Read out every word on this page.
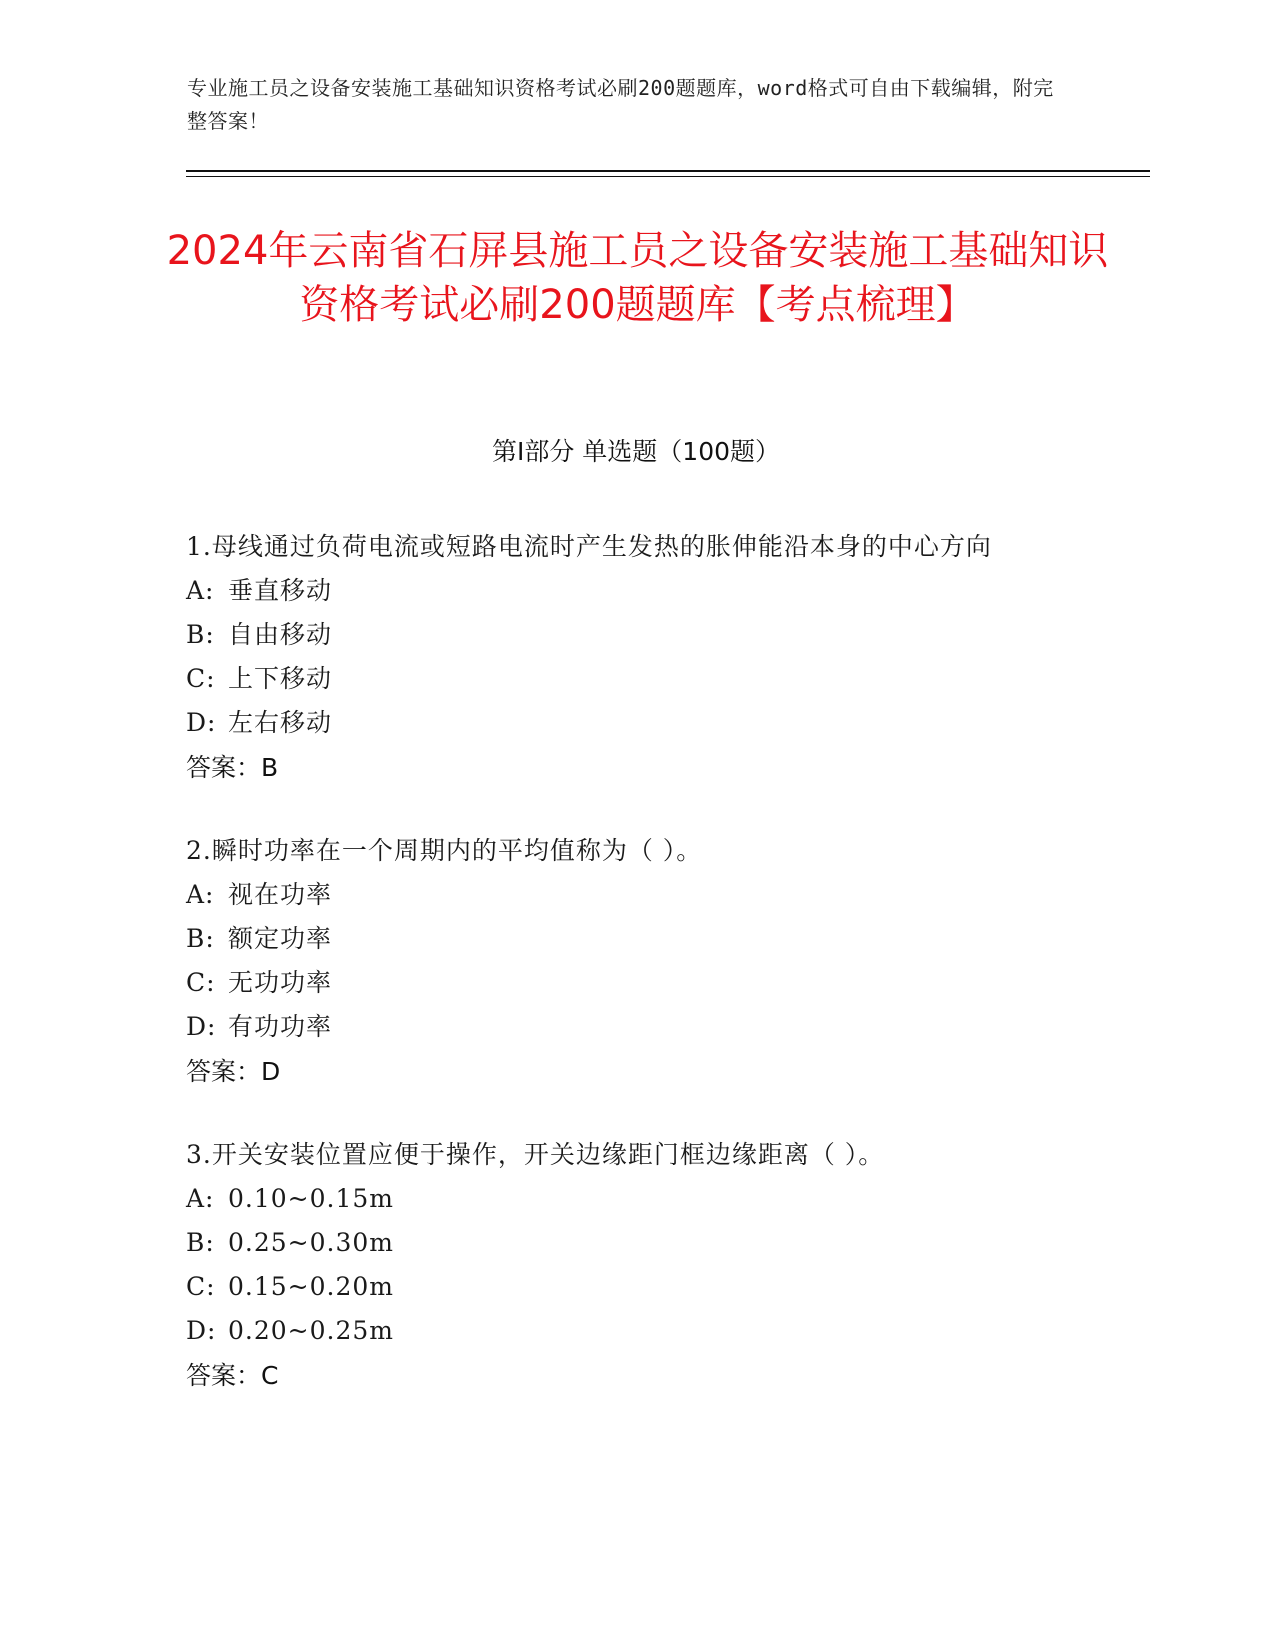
专业施工员之设备安装施工基础知识资格考试必刷200题题库，word格式可自由下载编辑，附完整答案！
2024年云南省石屏县施工员之设备安装施工基础知识资格考试必刷200题题库【考点梳理】
第I部分 单选题（100题）

1.母线通过负荷电流或短路电流时产生发热的胀伸能沿本身的中心方向

A: 垂直移动
B: 自由移动
C: 上下移动
D: 左右移动
答案：B

2.瞬时功率在一个周期内的平均值称为（ ）。

A: 视在功率
B: 额定功率
C: 无功功率
D: 有功功率
答案：D

3.开关安装位置应便于操作，开关边缘距门框边缘距离（ ）。

A: 0.10~0.15m
B: 0.25~0.30m
C: 0.15~0.20m
D: 0.20~0.25m
答案：C
